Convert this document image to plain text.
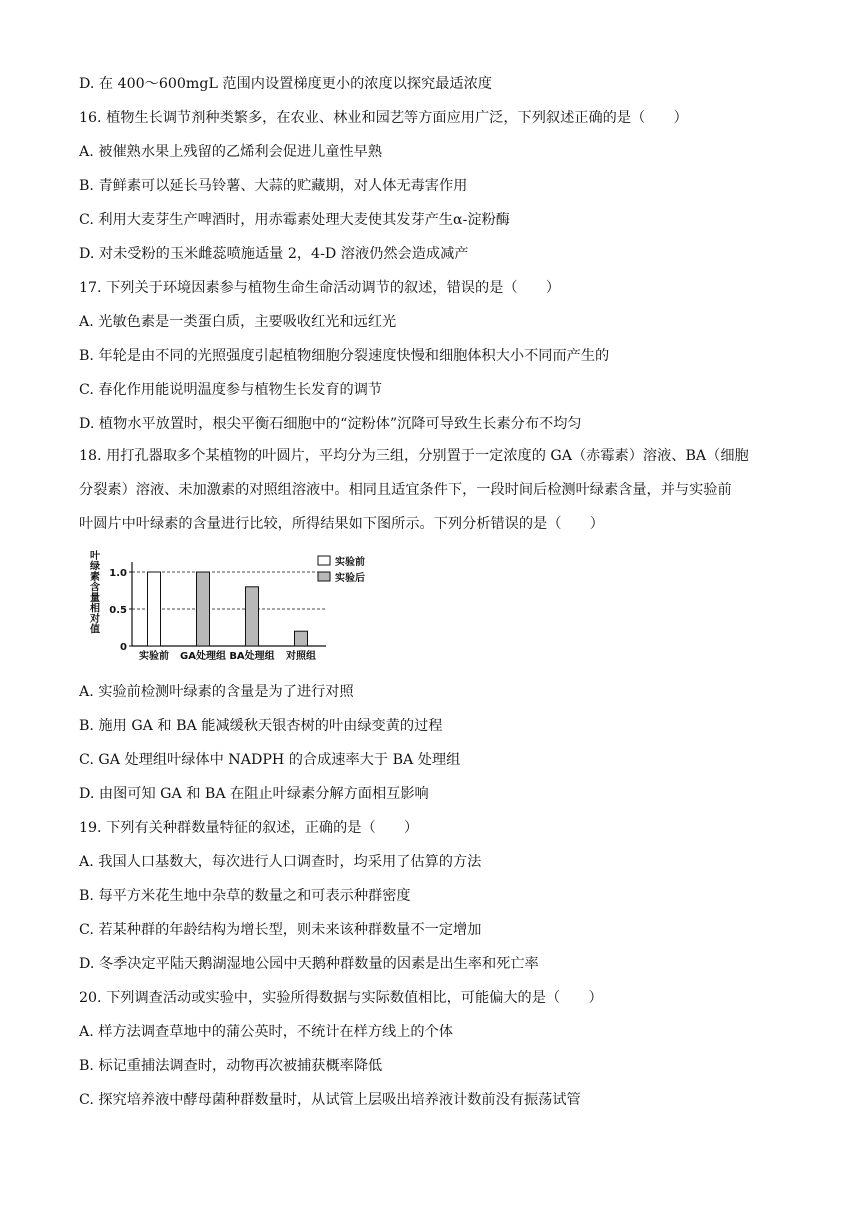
D. 在 400～600mgL 范围内设置梯度更小的浓度以探究最适浓度
16. 植物生长调节剂种类繁多，在农业、林业和园艺等方面应用广泛，下列叙述正确的是（　　）
A. 被催熟水果上残留的乙烯利会促进儿童性早熟
B. 青鲜素可以延长马铃薯、大蒜的贮藏期，对人体无毒害作用
C. 利用大麦芽生产啤酒时，用赤霉素处理大麦使其发芽产生α-淀粉酶
D. 对未受粉的玉米雌蕊喷施适量 2，4-D 溶液仍然会造成减产
17. 下列关于环境因素参与植物生命生命活动调节的叙述，错误的是（　　）
A. 光敏色素是一类蛋白质，主要吸收红光和远红光
B. 年轮是由不同的光照强度引起植物细胞分裂速度快慢和细胞体积大小不同而产生的
C. 春化作用能说明温度参与植物生长发育的调节
D. 植物水平放置时，根尖平衡石细胞中的“淀粉体”沉降可导致生长素分布不均匀
18. 用打孔器取多个某植物的叶圆片，平均分为三组，分别置于一定浓度的 GA（赤霉素）溶液、BA（细胞
分裂素）溶液、未加激素的对照组溶液中。相同且适宜条件下，一段时间后检测叶绿素含量，并与实验前
叶圆片中叶绿素的含量进行比较，所得结果如下图所示。下列分析错误的是（　　）
A. 实验前检测叶绿素的含量是为了进行对照
B. 施用 GA 和 BA 能减缓秋天银杏树的叶由绿变黄的过程
C. GA 处理组叶绿体中 NADPH 的合成速率大于 BA 处理组
D. 由图可知 GA 和 BA 在阻止叶绿素分解方面相互影响
19. 下列有关种群数量特征的叙述，正确的是（　　）
A. 我国人口基数大，每次进行人口调查时，均采用了估算的方法
B. 每平方米花生地中杂草的数量之和可表示种群密度
C. 若某种群的年龄结构为增长型，则未来该种群数量不一定增加
D. 冬季决定平陆天鹅湖湿地公园中天鹅种群数量的因素是出生率和死亡率
20. 下列调查活动或实验中，实验所得数据与实际数值相比，可能偏大的是（　　）
A. 样方法调查草地中的蒲公英时，不统计在样方线上的个体
B. 标记重捕法调查时，动物再次被捕获概率降低
C. 探究培养液中酵母菌种群数量时，从试管上层吸出培养液计数前没有振荡试管
叶
绿
素
含
量
相
对
值
0
0.5
1.0
实验前 GA处理组 BA处理组 对照组
实验前
实验后
